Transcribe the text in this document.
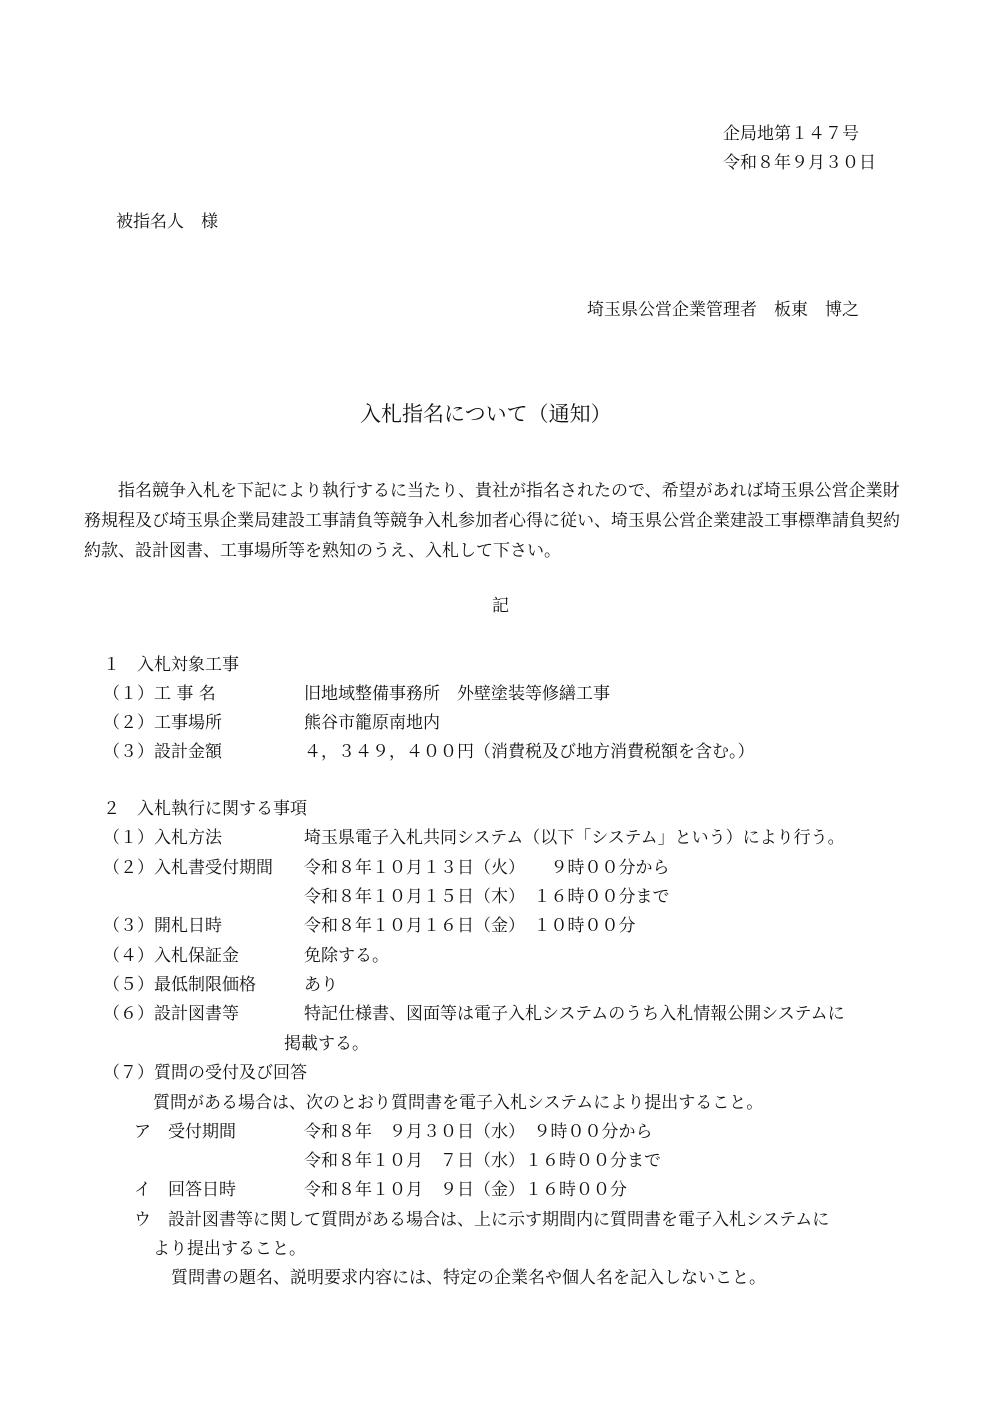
企局地第１４７号
令和８年９月３０日
被指名人　様
埼玉県公営企業管理者　板東　博之
入札指名について（通知）
指名競争入札を下記により執行するに当たり、貴社が指名されたので、希望があれば埼玉県公営企業財務規程及び埼玉県企業局建設工事請負等競争入札参加者心得に従い、埼玉県公営企業建設工事標準請負契約約款、設計図書、工事場所等を熟知のうえ、入札して下さい。
記
１　入札対象工事
（１）工 事 名	旧地域整備事務所　外壁塗装等修繕工事
（２）工事場所	熊谷市籠原南地内
（３）設計金額	４，３４９，４００円（消費税及び地方消費税額を含む。）
２　入札執行に関する事項
（１）入札方法	埼玉県電子入札共同システム（以下「システム」という）により行う。
（２）入札書受付期間 令和８年１０月１３日（火）　　９時００分から
令和８年１０月１５日（木）　１６時００分まで
（３）開札日時	令和８年１０月１６日（金）　１０時００分
（４）入札保証金	免除する。
（５）最低制限価格	あり
（６）設計図書等	特記仕様書、図面等は電子入札システムのうち入札情報公開システムに
掲載する。
（７）質問の受付及び回答
質問がある場合は、次のとおり質問書を電子入札システムにより提出すること。
ア　受付期間	令和８年　９月３０日（水）　９時００分から
令和８年１０月　７日（水）１６時００分まで
イ　回答日時	令和８年１０月　９日（金）１６時００分
ウ　設計図書等に関して質問がある場合は、上に示す期間内に質問書を電子入札システムに
より提出すること。
質問書の題名、説明要求内容には、特定の企業名や個人名を記入しないこと。
